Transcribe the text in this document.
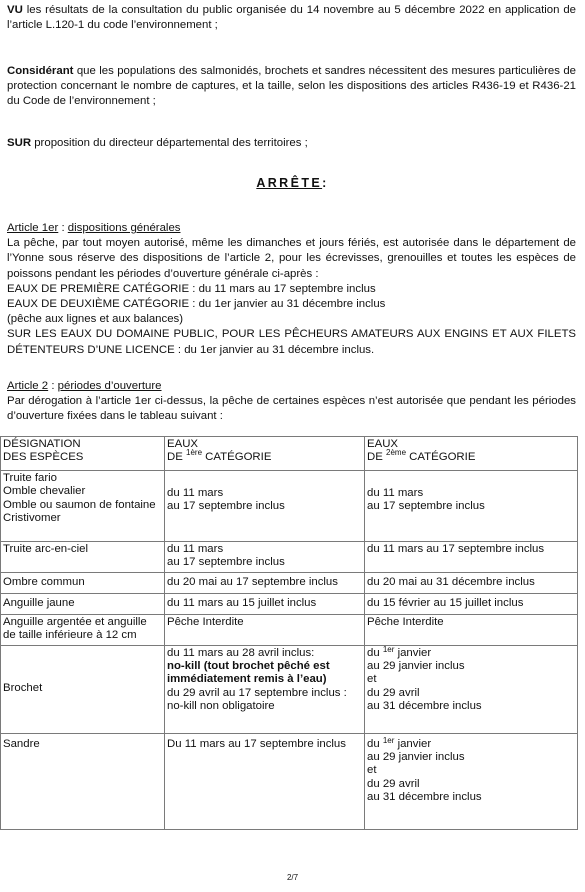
VU les résultats de la consultation du public organisée du 14 novembre au 5 décembre 2022 en application de l’article L.120-1 du code l’environnement ;

Considérant que les populations des salmonidés, brochets et sandres nécessitent des mesures particulières de protection concernant le nombre de captures, et la taille, selon les dispositions des articles R436-19 et R436-21 du Code de l’environnement ;

SUR proposition du directeur départemental des territoires ;

ARRÊTE:
Article 1er : dispositions générales
La pêche, par tout moyen autorisé, même les dimanches et jours fériés, est autorisée dans le département de l’Yonne sous réserve des dispositions de l’article 2, pour les écrevisses, grenouilles et toutes les espèces de poissons pendant les périodes d’ouverture générale ci-après :
EAUX DE PREMIÈRE CATÉGORIE : du 11 mars au 17 septembre inclus
EAUX DE DEUXIÈME CATÉGORIE : du 1er janvier au 31 décembre inclus
(pêche aux lignes et aux balances)
SUR LES EAUX DU DOMAINE PUBLIC, POUR LES PÊCHEURS AMATEURS AUX ENGINS ET AUX FILETS DÉTENTEURS D’UNE LICENCE : du 1er janvier au 31 décembre inclus.
Article 2 : périodes d’ouverture
Par dérogation à l’article 1er ci-dessus, la pêche de certaines espèces n’est autorisée que pendant les périodes d’ouverture fixées dans le tableau suivant :
DÉSIGNATION
DES ESPÈCES	EAUX
DE $^{1ère}$ CATÉGORIE	EAUX
DE $^{2ème}$ CATÉGORIE

Truite fario
Omble chevalier
Omble ou saumon de fontaine
Cristivomer	du 11 mars
au 17 septembre inclus	du 11 mars
au 17 septembre inclus

Truite arc-en-ciel	du 11 mars
au 17 septembre inclus	du 11 mars au 17 septembre inclus
Ombre commun	du 20 mai au 17 septembre inclus	du 20 mai au 31 décembre inclus
Anguille jaune	du 11 mars au 15 juillet inclus	du 15 février au 15 juillet inclus
Anguille argentée et anguille de taille inférieure à 12 cm	Pêche Interdite	Pêche Interdite
Brochet	du 11 mars au 28 avril inclus:
no-kill (tout brochet pêché est immédiatement remis à l’eau)
du 29 avril au 17 septembre inclus : no-kill non obligatoire	du $^{1er}$ janvier
au 29 janvier inclus
et
du 29 avril
au 31 décembre inclus

Sandre	Du 11 mars au 17 septembre inclus	du $^{1er}$ janvier
au 29 janvier inclus
et
du 29 avril
au 31 décembre inclus
2/7
